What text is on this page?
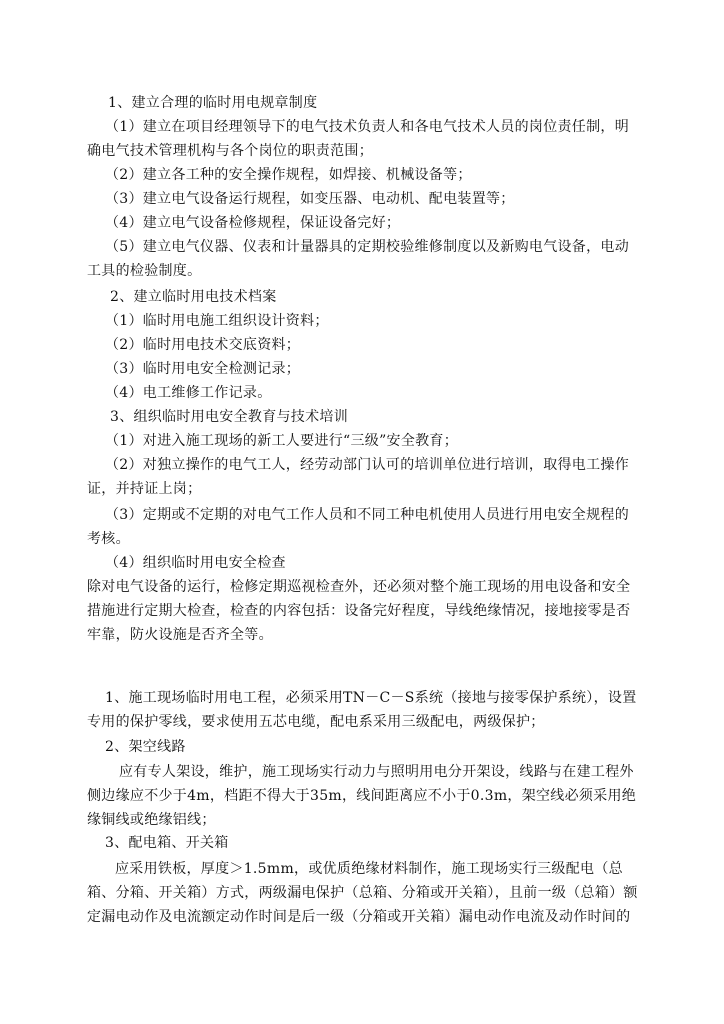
1、建立合理的临时用电规章制度
（1）建立在项目经理领导下的电气技术负责人和各电气技术人员的岗位责任制，明确电气技术管理机构与各个岗位的职责范围；
（2）建立各工种的安全操作规程，如焊接、机械设备等；
（3）建立电气设备运行规程，如变压器、电动机、配电装置等；
（4）建立电气设备检修规程，保证设备完好；
（5）建立电气仪器、仪表和计量器具的定期校验维修制度以及新购电气设备，电动工具的检验制度。
2、建立临时用电技术档案
（1）临时用电施工组织设计资料；
（2）临时用电技术交底资料；
（3）临时用电安全检测记录；
（4）电工维修工作记录。
3、组织临时用电安全教育与技术培训
（1）对进入施工现场的新工人要进行“三级”安全教育；
（2）对独立操作的电气工人，经劳动部门认可的培训单位进行培训，取得电工操作证，并持证上岗；
（3）定期或不定期的对电气工作人员和不同工种电机使用人员进行用电安全规程的考核。
（4）组织临时用电安全检查
除对电气设备的运行，检修定期巡视检查外，还必须对整个施工现场的用电设备和安全措施进行定期大检查，检查的内容包括：设备完好程度，导线绝缘情况，接地接零是否牢靠，防火设施是否齐全等。
1、施工现场临时用电工程，必须采用TN－C－S系统（接地与接零保护系统），设置专用的保护零线，要求使用五芯电缆，配电系采用三级配电，两级保护；
2、架空线路
应有专人架设，维护，施工现场实行动力与照明用电分开架设，线路与在建工程外侧边缘应不少于4m，档距不得大于35m，线间距离应不小于0.3m，架空线必须采用绝缘铜线或绝缘铝线；
3、配电箱、开关箱
应采用铁板，厚度＞1.5mm，或优质绝缘材料制作，施工现场实行三级配电（总箱、分箱、开关箱）方式，两级漏电保护（总箱、分箱或开关箱），且前一级（总箱）额定漏电动作及电流额定动作时间是后一级（分箱或开关箱）漏电动作电流及动作时间的
